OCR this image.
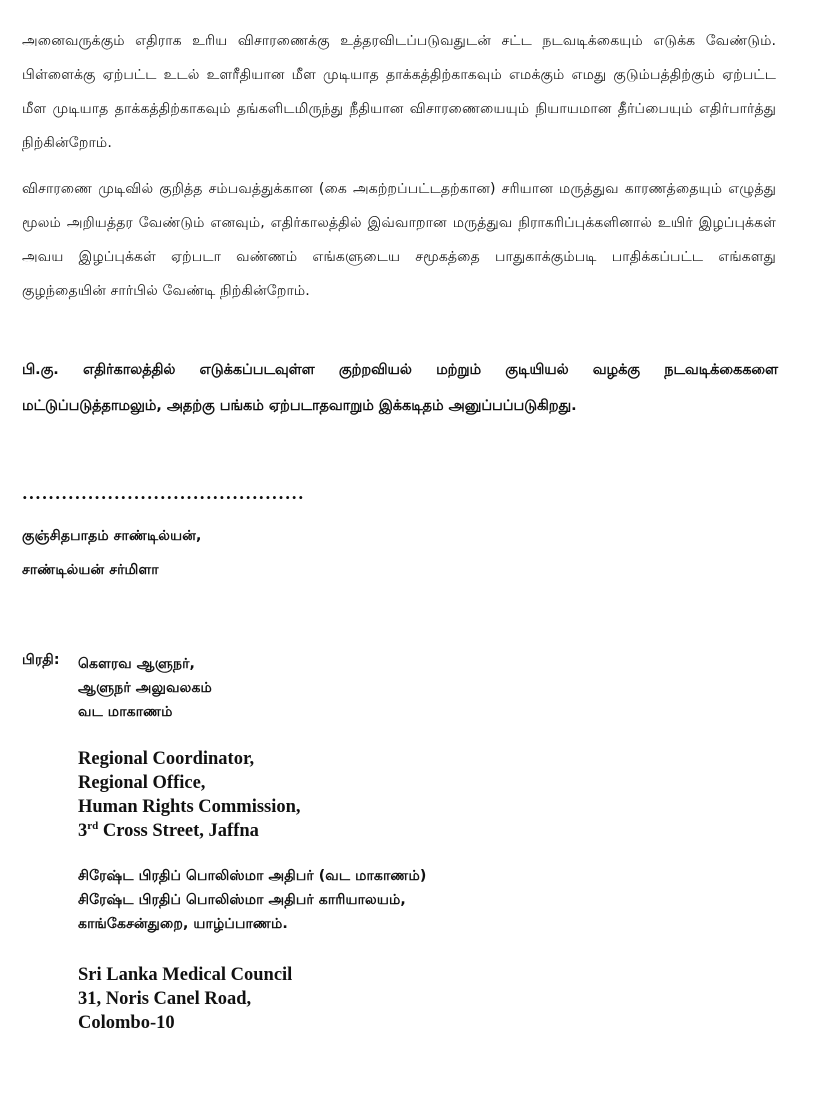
அனைவருக்கும் எதிராக உரிய விசாரணைக்கு உத்தரவிடப்படுவதுடன் சட்ட நடவடிக்கையும் எடுக்க வேண்டும். பிள்ளைக்கு ஏற்பட்ட உடல் உளரீதியான மீள முடியாத தாக்கத்திற்காகவும் எமக்கும் எமது குடும்பத்திற்கும் ஏற்பட்ட மீள முடியாத தாக்கத்திற்காகவும் தங்களிடமிருந்து நீதியான விசாரணையையும் நியாயமான தீர்ப்பையும் எதிர்பார்த்து நிற்கின்றோம்.

விசாரணை முடிவில் குறித்த சம்பவத்துக்கான (கை அகற்றப்பட்டதற்கான) சரியான மருத்துவ காரணத்தையும் எழுத்து மூலம் அறியத்தர வேண்டும் எனவும், எதிர்காலத்தில் இவ்வாறான மருத்துவ நிராகரிப்புக்களினால் உயிர் இழப்புக்கள் அவய இழப்புக்கள் ஏற்படா வண்ணம் எங்களுடைய சமூகத்தை பாதுகாக்கும்படி பாதிக்கப்பட்ட எங்களது குழந்தையின் சார்பில் வேண்டி நிற்கின்றோம்.

பி.கு. எதிர்காலத்தில் எடுக்கப்படவுள்ள குற்றவியல் மற்றும் குடியியல் வழக்கு நடவடிக்கைகளை மட்டுப்படுத்தாமலும், அதற்கு பங்கம் ஏற்படாதவாறும் இக்கடிதம் அனுப்பப்படுகிறது.

...........................................
குஞ்சிதபாதம் சாண்டில்யன்,
சாண்டில்யன் சர்மிளா
பிரதி: கௌரவ ஆளுநர்,
ஆளுநர் அலுவலகம்
வட மாகாணம்
Regional Coordinator,
Regional Office,
Human Rights Commission,
3rd Cross Street, Jaffna
சிரேஷ்ட பிரதிப் பொலிஸ்மா அதிபர் (வட மாகாணம்)
சிரேஷ்ட பிரதிப் பொலிஸ்மா அதிபர் காரியாலயம்,
காங்கேசன்துறை, யாழ்ப்பாணம்.
Sri Lanka Medical Council
31, Noris Canel Road,
Colombo-10
